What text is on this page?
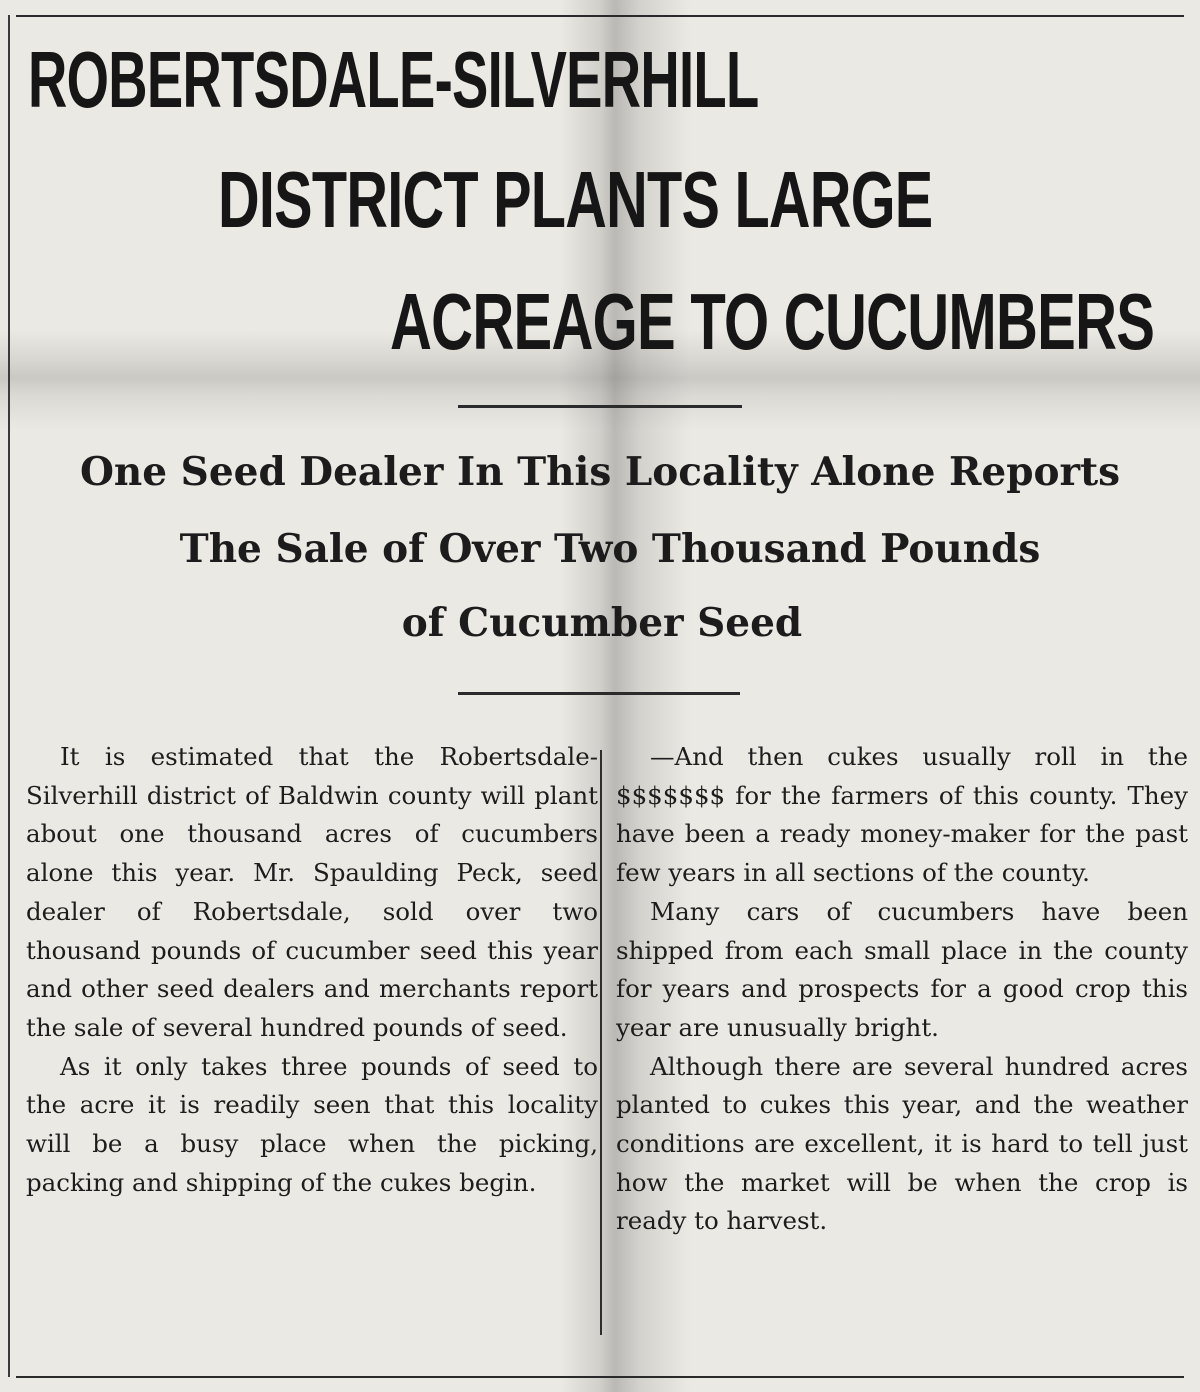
ROBERTSDALE-SILVERHILL
DISTRICT PLANTS LARGE
ACREAGE TO CUCUMBERS
One Seed Dealer In This Locality Alone Reports
The Sale of Over Two Thousand Pounds
of Cucumber Seed

It is estimated that the Robertsdale-Silverhill district of Baldwin county will plant about one thousand acres of cucumbers alone this year. Mr. Spaulding Peck, seed dealer of Robertsdale, sold over two thousand pounds of cucumber seed this year and other seed dealers and merchants report the sale of several hundred pounds of seed.

As it only takes three pounds of seed to the acre it is readily seen that this locality will be a busy place when the picking, packing and shipping of the cukes begin.

—And then cukes usually roll in the $$$$$$$ for the farmers of this county. They have been a ready money-maker for the past few years in all sections of the county.

Many cars of cucumbers have been shipped from each small place in the county for years and prospects for a good crop this year are unusually bright.

Although there are several hundred acres planted to cukes this year, and the weather conditions are excellent, it is hard to tell just how the market will be when the crop is ready to harvest.
